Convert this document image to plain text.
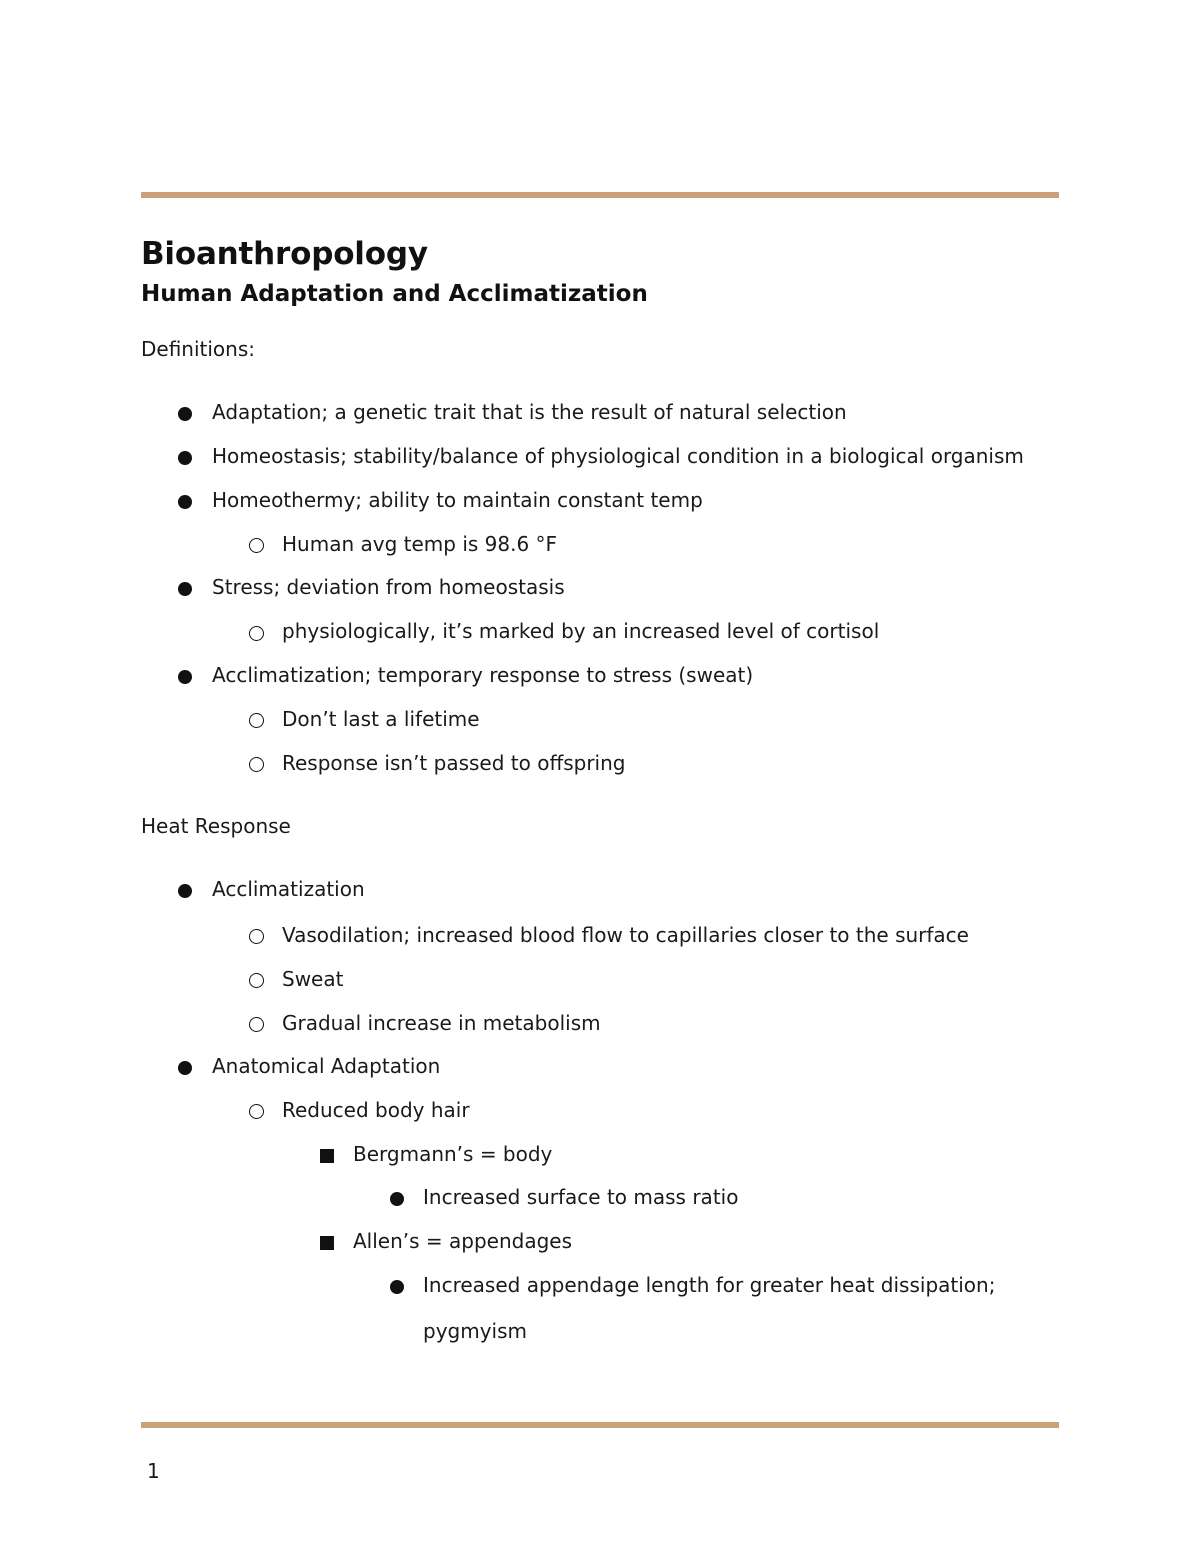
Bioanthropology
Human Adaptation and Acclimatization
Definitions:
Adaptation; a genetic trait that is the result of natural selection
Homeostasis; stability/balance of physiological condition in a biological organism
Homeothermy; ability to maintain constant temp
Human avg temp is 98.6 °F
Stress; deviation from homeostasis
physiologically, it’s marked by an increased level of cortisol
Acclimatization; temporary response to stress (sweat)
Don’t last a lifetime
Response isn’t passed to offspring
Heat Response
Acclimatization
Vasodilation; increased blood flow to capillaries closer to the surface
Sweat
Gradual increase in metabolism
Anatomical Adaptation
Reduced body hair
Bergmann’s = body
Increased surface to mass ratio
Allen’s = appendages
Increased appendage length for greater heat dissipation;
pygmyism
1
